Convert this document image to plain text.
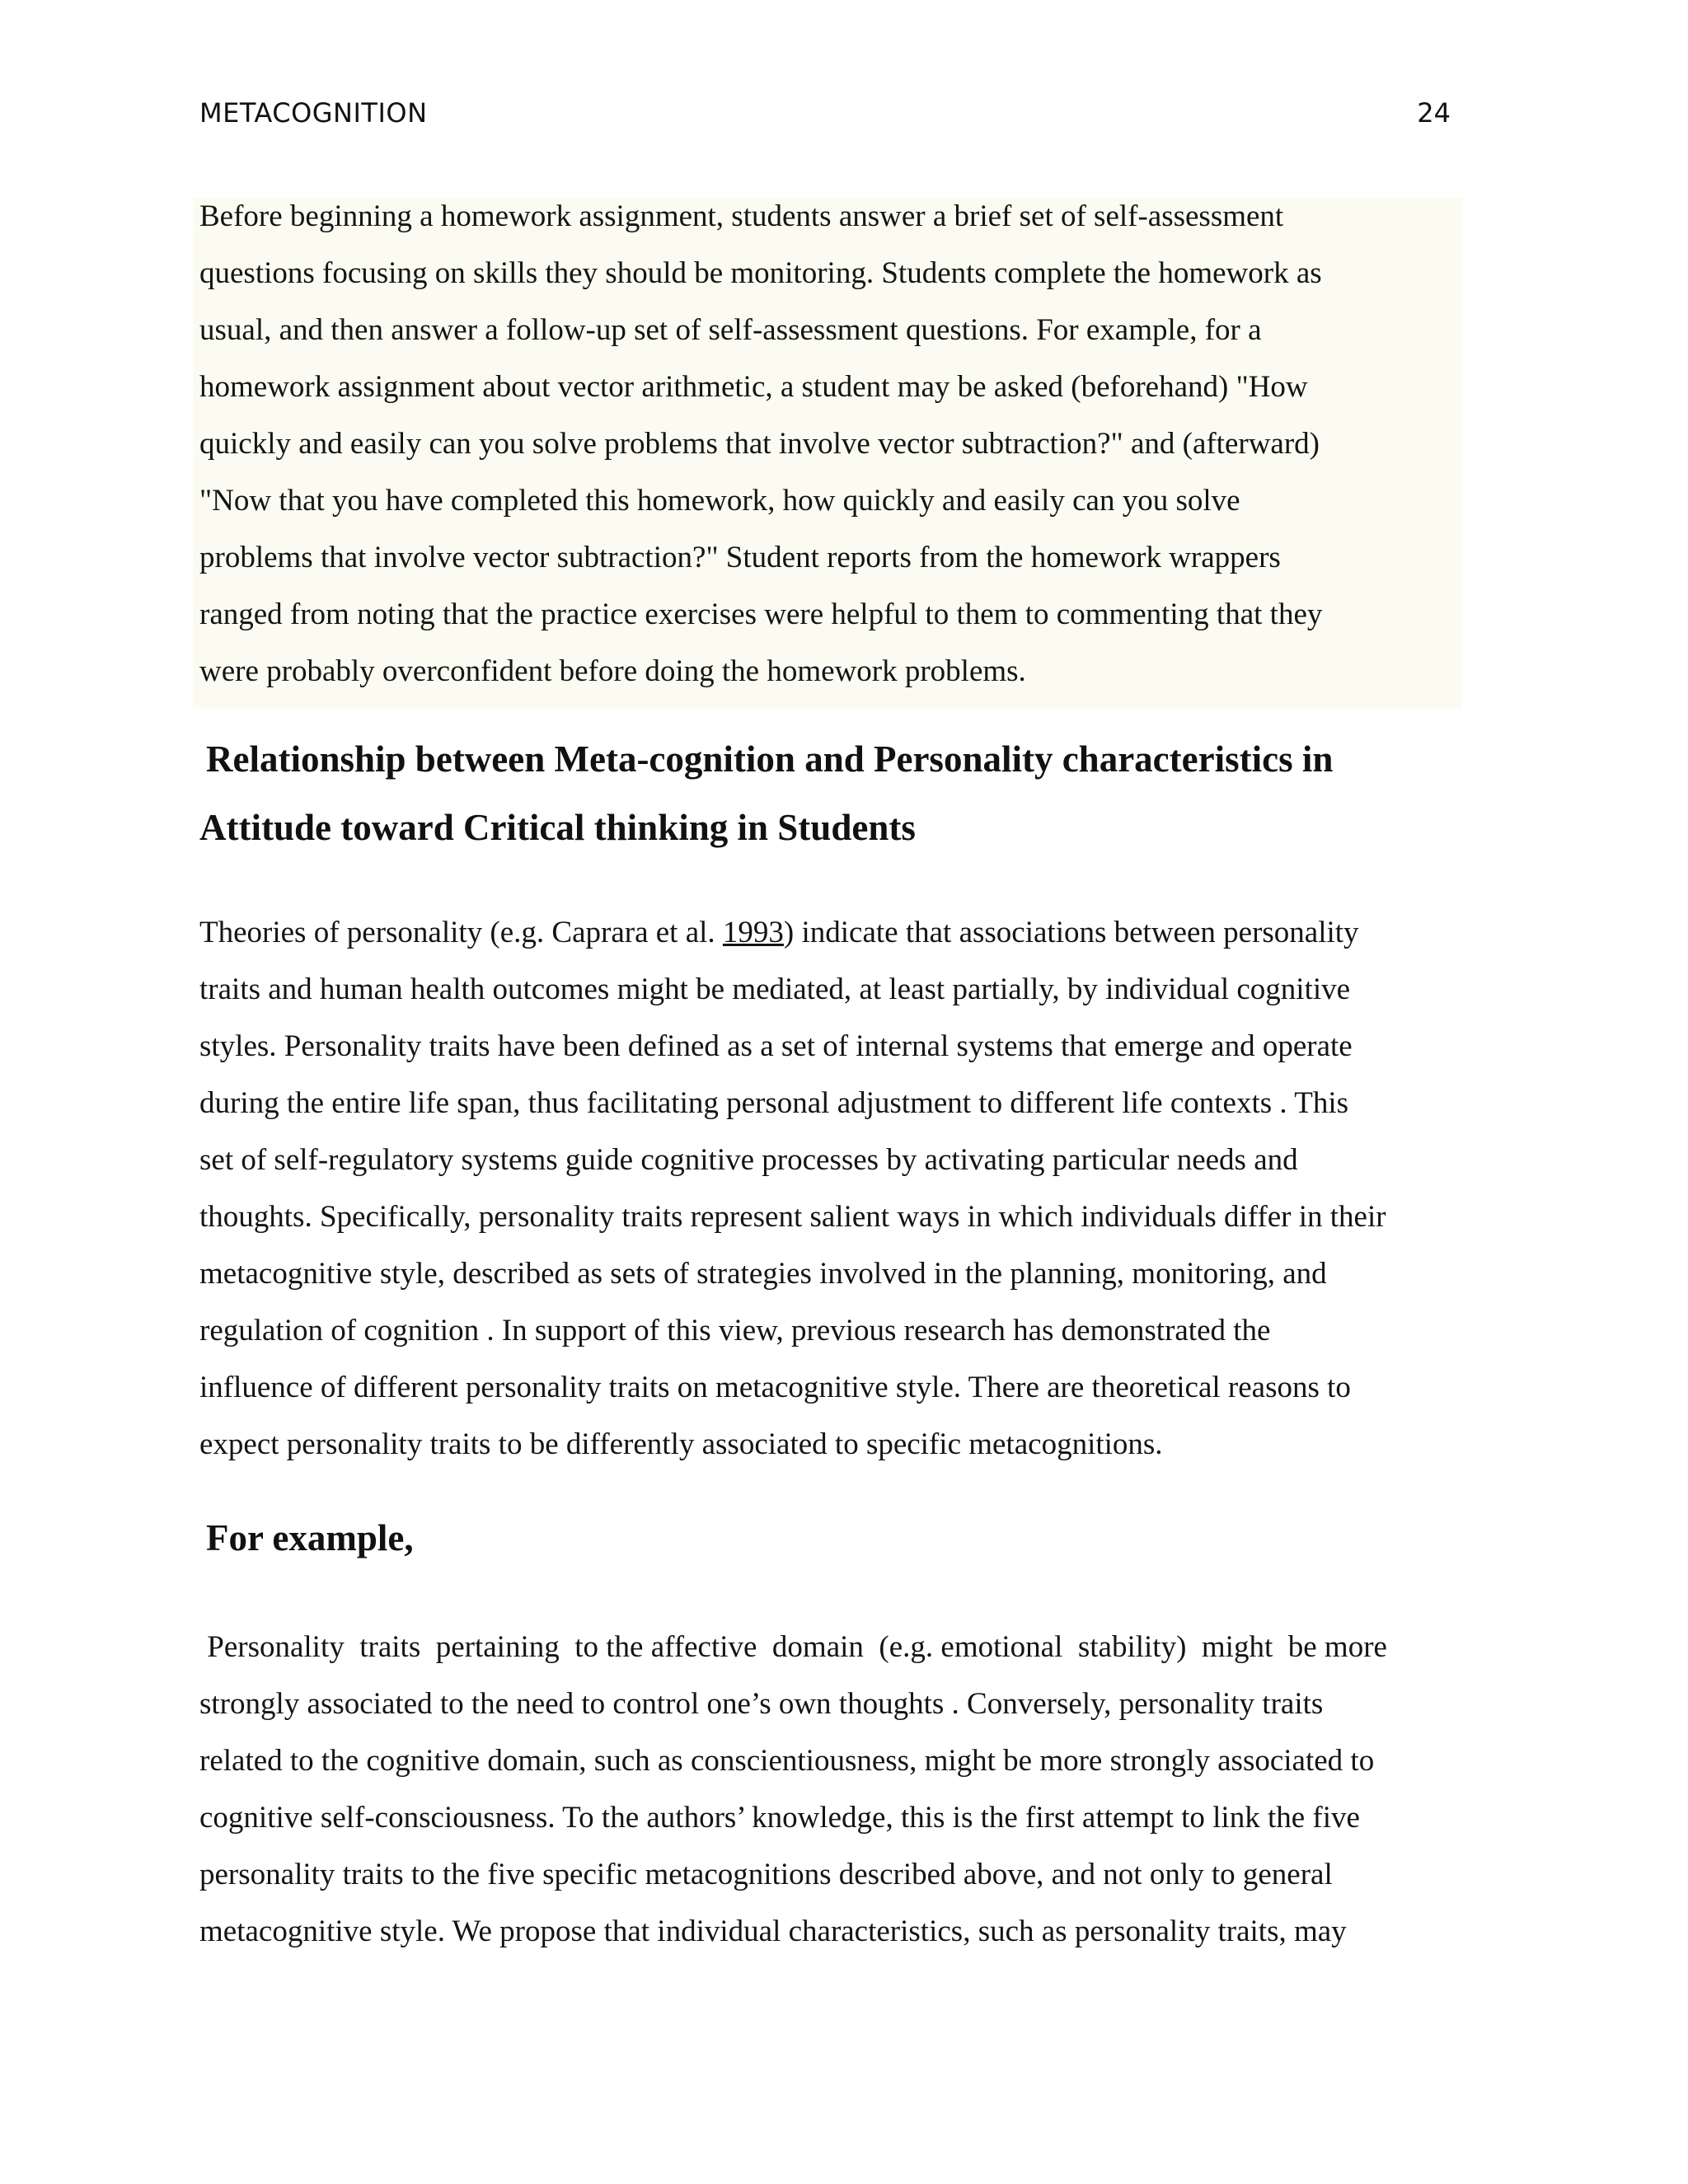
METACOGNITION	24
Before beginning a homework assignment, students answer a brief set of self-assessment
questions focusing on skills they should be monitoring. Students complete the homework as
usual, and then answer a follow-up set of self-assessment questions. For example, for a
homework assignment about vector arithmetic, a student may be asked (beforehand) "How
quickly and easily can you solve problems that involve vector subtraction?" and (afterward)
"Now that you have completed this homework, how quickly and easily can you solve
problems that involve vector subtraction?" Student reports from the homework wrappers
ranged from noting that the practice exercises were helpful to them to commenting that they
were probably overconfident before doing the homework problems.
Relationship between Meta-cognition and Personality characteristics in
Attitude toward Critical thinking in Students
Theories of personality (e.g. Caprara et al. 1993) indicate that associations between personality
traits and human health outcomes might be mediated, at least partially, by individual cognitive
styles. Personality traits have been defined as a set of internal systems that emerge and operate
during the entire life span, thus facilitating personal adjustment to different life contexts . This
set of self-regulatory systems guide cognitive processes by activating particular needs and
thoughts. Specifically, personality traits represent salient ways in which individuals differ in their
metacognitive style, described as sets of strategies involved in the planning, monitoring, and
regulation of cognition . In support of this view, previous research has demonstrated the
influence of different personality traits on metacognitive style. There are theoretical reasons to
expect personality traits to be differently associated to specific metacognitions.
For example,
Personality  traits  pertaining  to the affective  domain  (e.g. emotional  stability)  might  be more
strongly associated to the need to control one’s own thoughts . Conversely, personality traits
related to the cognitive domain, such as conscientiousness, might be more strongly associated to
cognitive self-consciousness. To the authors’ knowledge, this is the first attempt to link the five
personality traits to the five specific metacognitions described above, and not only to general
metacognitive style. We propose that individual characteristics, such as personality traits, may
